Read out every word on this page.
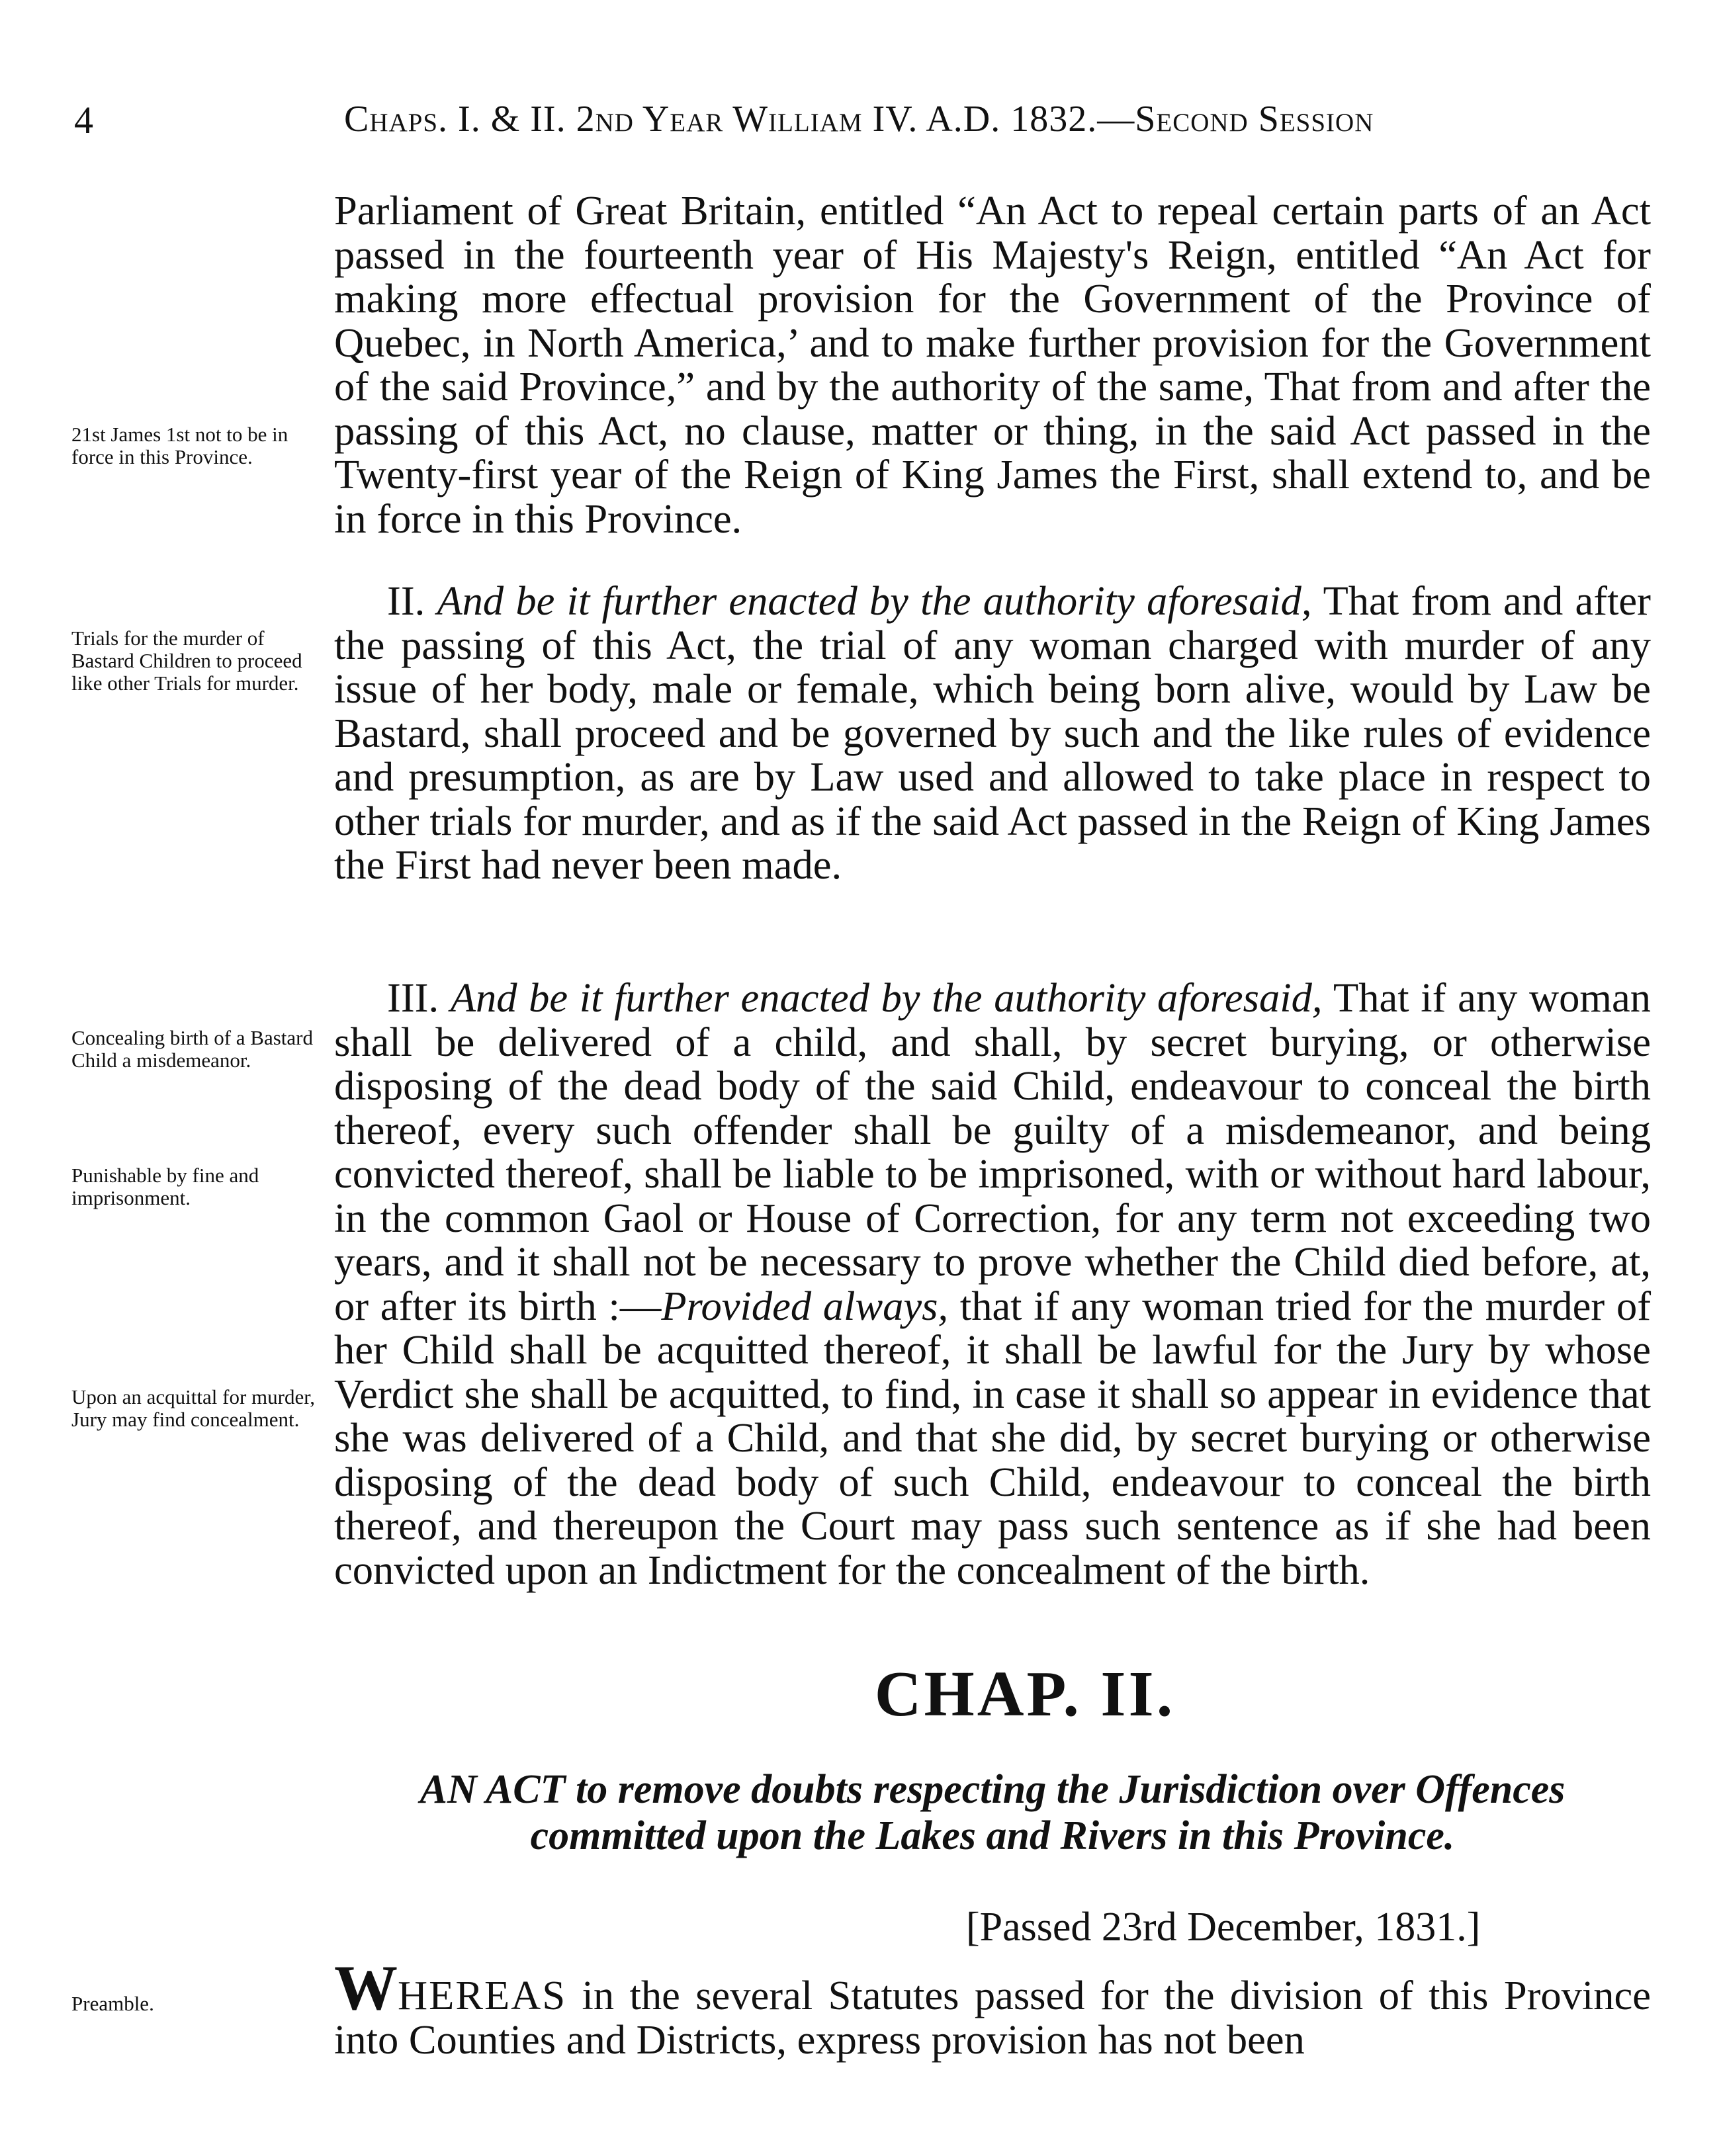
4	Chaps. I. & II. 2nd Year William IV. A.D. 1832.—Second Session

Parliament of Great Britain, entitled “An Act to repeal certain parts of an Act passed in the fourteenth year of His Majesty's Reign, entitled “An Act for making more effectual provision for the Government of the Province of Quebec, in North America,’ and to make further provision for the Government of the said Province,” and by the authority of the same, That from and after the passing of this Act, no clause, matter or thing, in the said Act passed in the Twenty-first year of the Reign of King James the First, shall extend to, and be in force in this Province.

21st James 1st not to be in force in this Province.

II. And be it further enacted by the authority aforesaid, That from and after the passing of this Act, the trial of any woman charged with murder of any issue of her body, male or female, which being born alive, would by Law be Bastard, shall proceed and be governed by such and the like rules of evidence and presumption, as are by Law used and allowed to take place in respect to other trials for murder, and as if the said Act passed in the Reign of King James the First had never been made.

Trials for the murder of Bastard Children to proceed like other Trials for murder.

III. And be it further enacted by the authority aforesaid, That if any woman shall be delivered of a child, and shall, by secret burying, or otherwise disposing of the dead body of the said Child, endeavour to conceal the birth thereof, every such offender shall be guilty of a misdemeanor, and being convicted thereof, shall be liable to be imprisoned, with or without hard labour, in the common Gaol or House of Correction, for any term not exceeding two years, and it shall not be necessary to prove whether the Child died before, at, or after its birth :—Provided always, that if any woman tried for the murder of her Child shall be acquitted thereof, it shall be lawful for the Jury by whose Verdict she shall be acquitted, to find, in case it shall so appear in evidence that she was delivered of a Child, and that she did, by secret burying or otherwise disposing of the dead body of such Child, endeavour to conceal the birth thereof, and thereupon the Court may pass such sentence as if she had been convicted upon an Indictment for the concealment of the birth.

Concealing birth of a Bastard Child a misdemeanor.

Punishable by fine and imprisonment.

Upon an acquittal for murder, Jury may find concealment.

CHAP. II.

AN ACT to remove doubts respecting the Jurisdiction over Offences committed upon the Lakes and Rivers in this Province.

[Passed 23rd December, 1831.]

WHEREAS in the several Statutes passed for the division of this Province into Counties and Districts, express provision has not been

Preamble.
